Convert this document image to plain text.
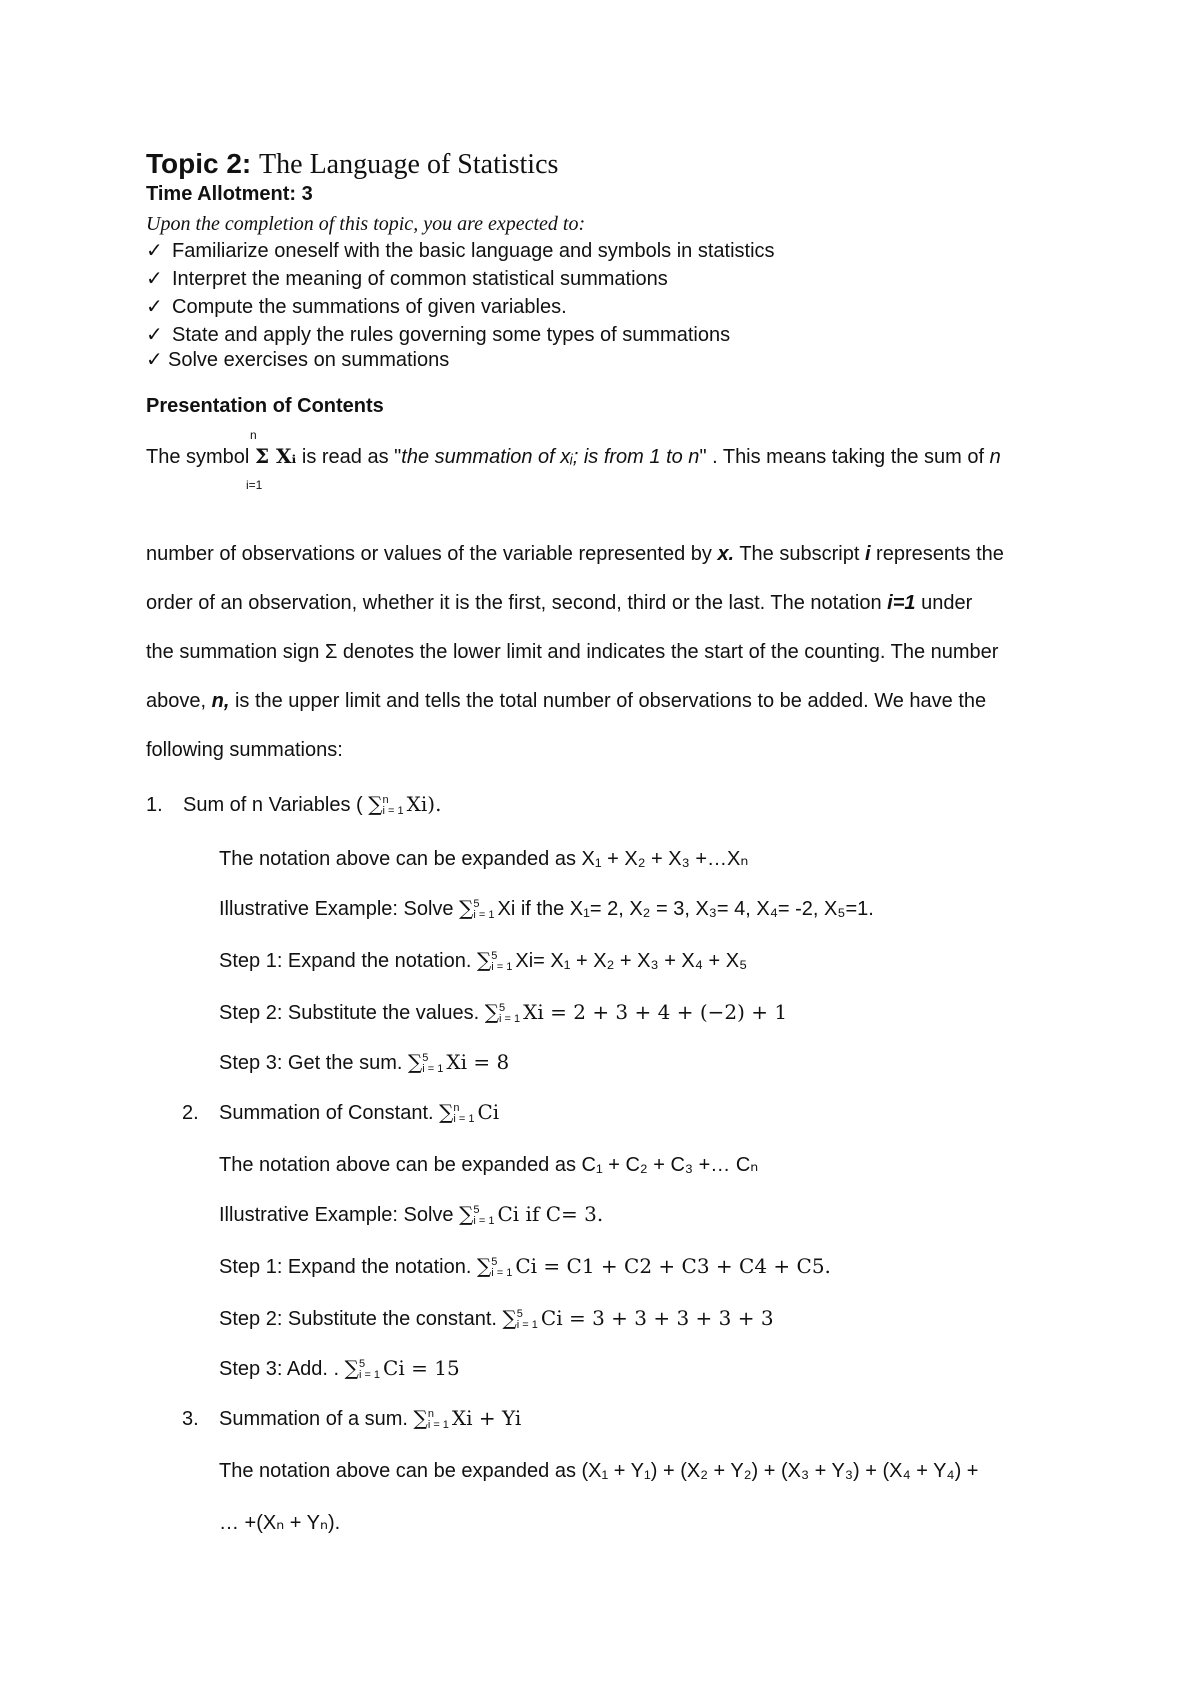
Topic 2: The Language of Statistics
Time Allotment: 3
Upon the completion of this topic, you are expected to:
✓ Familiarize oneself with the basic language and symbols in statistics
✓ Interpret the meaning of common statistical summations
✓ Compute the summations of given variables.
✓ State and apply the rules governing some types of summations
✓ Solve exercises on summations
Presentation of Contents
n
The symbol Σ Xᵢ is read as "the summation of xᵢ; is from 1 to n" . This means taking the sum of n
i=1
number of observations or values of the variable represented by x. The subscript i represents the
order of an observation, whether it is the first, second, third or the last. The notation i=1 under
the summation sign Σ denotes the lower limit and indicates the start of the counting. The number
above, n, is the upper limit and tells the total number of observations to be added. We have the
following summations:
1. Sum of n Variables ( ∑ n
i = 1 Xi).
The notation above can be expanded as X₁ + X₂ + X₃ +…Xₙ
Illustrative Example: Solve ∑ 5
i = 1 Xi if the X₁= 2, X₂ = 3, X₃= 4, X₄= -2, X₅=1.
Step 1: Expand the notation. ∑ 5
i = 1 Xi= X₁ + X₂ + X₃ + X₄ + X₅
Step 2: Substitute the values. ∑ 5
i = 1 Xi = 2 + 3 + 4 + (−2) + 1
Step 3: Get the sum. ∑ 5
i = 1 Xi = 8
2. Summation of Constant. ∑ n
i = 1 Ci
The notation above can be expanded as C₁ + C₂ + C₃ +… Cₙ
Illustrative Example: Solve ∑ 5
i = 1 Ci if C= 3.
Step 1: Expand the notation. ∑ 5
i = 1 Ci = C1 + C2 + C3 + C4 + C5.
Step 2: Substitute the constant. ∑ 5
i = 1 Ci = 3 + 3 + 3 + 3 + 3
Step 3: Add. . ∑ 5
i = 1 Ci = 15
3. Summation of a sum. ∑ n
i = 1 Xi + Yi
The notation above can be expanded as (X₁ + Y₁) + (X₂ + Y₂) + (X₃ + Y₃) + (X₄ + Y₄) +
… +(Xₙ + Yₙ).
